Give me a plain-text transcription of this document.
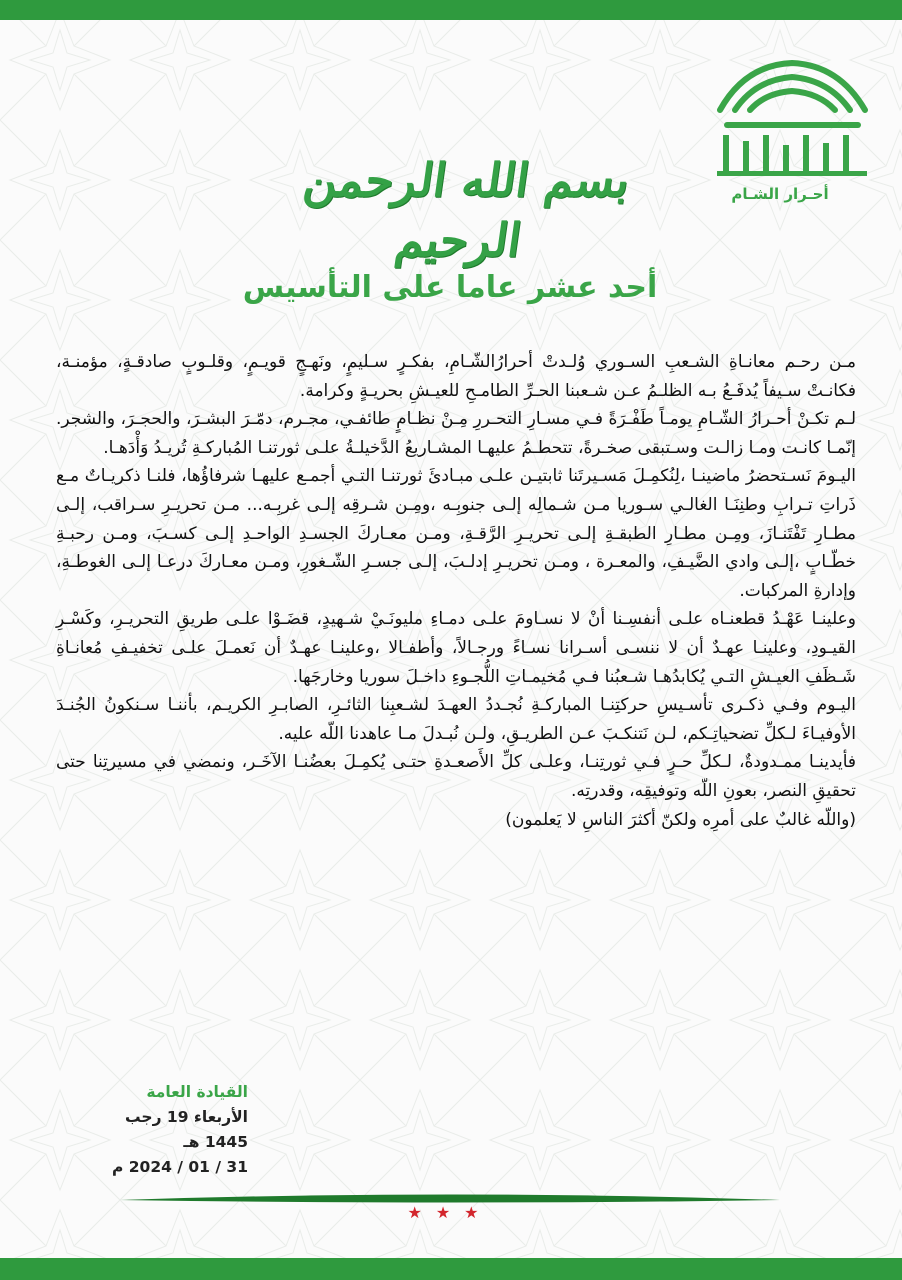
أحـرار الشـام
بسم الله الرحمن الرحيم
أحد عشر عاما على التأسيس

مـن رحـم معانـاةِ الشـعبِ السـوري وُلـدتْ أحرارُالشّـامِ، بفكـرٍ سـليمٍ، ونَهـجٍ قويـمٍ، وقلـوبٍ صادقـةٍ، مؤمنـة، فكانـتْ سـيفاً يُدفَـعُ بـه الظلـمُ عـن شـعبنا الحـرِّ الطامـحِ للعيـشِ بحريـةٍ وكرامة.

لـم تكـنْ أحـرارُ الشّـامِ يومـاً طَفْـرَةً فـي مسـارِ التحـررِ مِـنْ نظـامٍ طائفـي، مجـرم، دمّـرَ البشـرَ، والحجـرَ، والشجر. إنّمـا كانـت ومـا زالـت وسـتبقى صخـرةً، تتحطـمُ عليهـا المشـاريعُ الدَّخيلـةُ علـى ثورتنـا المُباركـةِ تُريـدُ وَأْدَهـا.

اليـومَ نَسـتحضرُ ماضينـا ،لِنُكمِـلَ مَسـيرتَنا ثابتيـن علـى مبـادئَ ثورتنـا التـي أجمـع عليهـا شرفاؤُها، فلنـا ذكريـاتٌ مـع ذَراتِ تـرابِ وطنِنَـا الغالـي سـوريا مـن شـمالِه إلـى جنوبِـه ،ومِـن شـرقِه إلـى غربِـه... مـن تحريـرِ سـراقب، إلـى مطـارِ تَفْتَنـازَ، ومِـن مطـارِ الطبقـةِ إلـى تحريـرِ الرَّقـةِ، ومـن معـاركَ الجسـدِ الواحـدِ إلـى كسـبَ، ومـن رحبـةِ خطّـابٍ ،إلـى وادي الضَّيـفِ، والمعـرة ، ومـن تحريـرِ إدلـبَ، إلـى جسـرِ الشّـغورِ، ومـن معـاركَ درعـا إلـى الغوطـةِ، وإدارةِ المركبات.

وعلينـا عَهْـدُ قطعنـاه علـى أنفسِـنا أنْ لا نسـاومَ علـى دمـاءِ مليونَـيْ شـهيدٍ، قضَـوْا علـى طريقِ التحريـرِ، وكَسْـرِ القيـودِ، وعلينـا عهـدٌ أن لا ننسـى أسـرانا نسـاءً ورجـالاً، وأطفـالا ،وعلينـا عهـدٌ أن نَعمـلَ علـى تخفيـفِ مُعانـاةِ شَـظَفِ العيـشِ التـي يُكابدُهـا شـعبُنا فـي مُخيمـاتِ اللُّجـوءِ داخـلَ سوريا وخارجَها.

اليـوم وفـي ذكـرى تأسـيسِ حركتِنـا المباركـةِ نُجـددُ العهـدَ لشـعبِنا الثائـرِ، الصابـرِ الكريـم، بأننـا سـنكونُ الجُنـدَ الأوفيـاءَ لـكلِّ تضحياتِـكم، لـن نَتنكـبَ عـن الطريـقِ، ولـن نُبـدلَ مـا عاهدنا اللّه عليه.

فأيدينـا ممـدودةٌ، لـكلِّ حـرٍ فـي ثورتِنـا، وعلـى كلِّ الأَصعـدةِ حتـى يُكمِـلَ بعضُنـا الآخَـر، ونمضي في مسيرتِنا حتى تحقيقِ النصر، بعونِ اللّه وتوفيقِه، وقدرتِه.

(واللّه غالبٌ على أمرِه ولكنّ أكثرَ الناسِ لا يَعلمون)

القيادة العامة
الأربعاء 19 رجب 1445 هـ
31 / 01 / 2024 م
★★★
